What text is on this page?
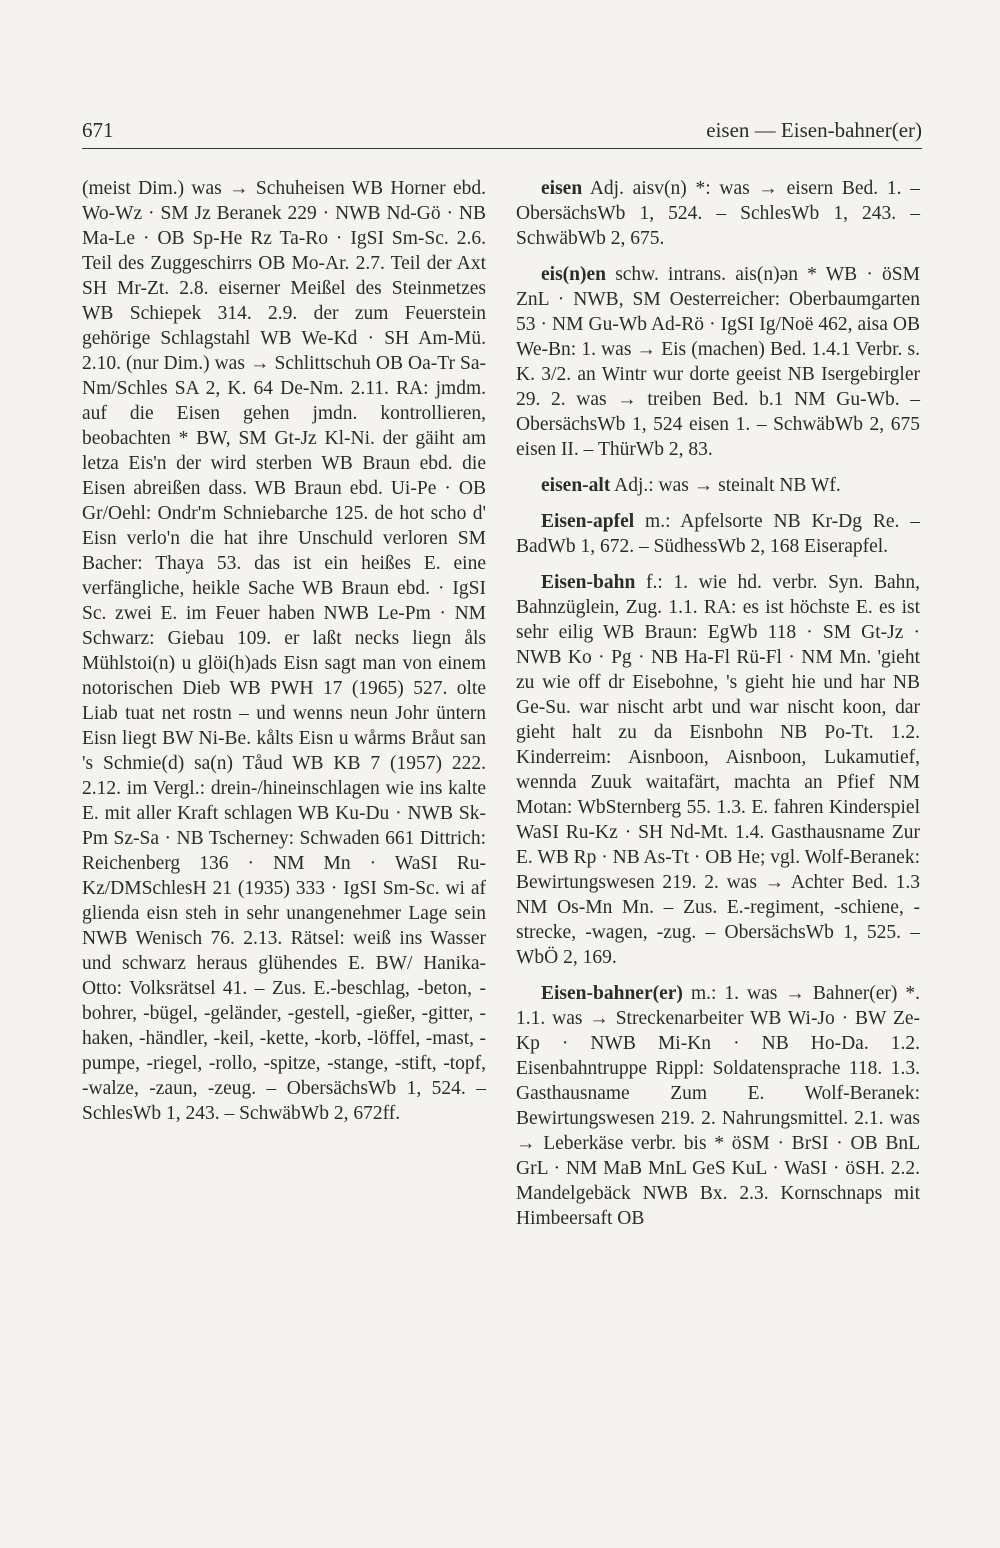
671	eisen — Eisen-bahner(er)

(meist Dim.) was → Schuheisen WB Horner ebd. Wo-Wz · SM Jz Beranek 229 · NWB Nd-Gö · NB Ma-Le · OB Sp-He Rz Ta-Ro · IgSI Sm-Sc. 2.6. Teil des Zuggeschirrs OB Mo-Ar. 2.7. Teil der Axt SH Mr-Zt. 2.8. eiserner Meißel des Steinmetzes WB Schiepek 314. 2.9. der zum Feuerstein gehörige Schlagstahl WB We-Kd · SH Am-Mü. 2.10. (nur Dim.) was → Schlittschuh OB Oa-Tr Sa-Nm/Schles SA 2, K. 64 De-Nm. 2.11. RA: jmdm. auf die Eisen gehen jmdn. kontrollieren, beobachten * BW, SM Gt-Jz Kl-Ni. der gäiht am letza Eis'n der wird sterben WB Braun ebd. die Eisen abreißen dass. WB Braun ebd. Ui-Pe · OB Gr/Oehl: Ondr'm Schniebarche 125. de hot scho d' Eisn verlo'n die hat ihre Unschuld verloren SM Bacher: Thaya 53. das ist ein heißes E. eine verfängliche, heikle Sache WB Braun ebd. · IgSI Sc. zwei E. im Feuer haben NWB Le-Pm · NM Schwarz: Giebau 109. er laßt necks liegn åls Mühlstoi(n) u glöi(h)ads Eisn sagt man von einem notorischen Dieb WB PWH 17 (1965) 527. olte Liab tuat net rostn – und wenns neun Johr üntern Eisn liegt BW Ni-Be. kålts Eisn u wårms Bråut san 's Schmie(d) sa(n) Tåud WB KB 7 (1957) 222. 2.12. im Vergl.: drein-/hineinschlagen wie ins kalte E. mit aller Kraft schlagen WB Ku-Du · NWB Sk-Pm Sz-Sa · NB Tscherney: Schwaden 661 Dittrich: Reichenberg 136 · NM Mn · WaSI Ru-Kz/DMSchlesH 21 (1935) 333 · IgSI Sm-Sc. wi af glienda eisn steh in sehr unangenehmer Lage sein NWB Wenisch 76. 2.13. Rätsel: weiß ins Wasser und schwarz heraus glühendes E. BW/ Hanika-Otto: Volksrätsel 41. – Zus. E.-beschlag, -beton, -bohrer, -bügel, -geländer, -gestell, -gießer, -gitter, -haken, -händler, -keil, -kette, -korb, -löffel, -mast, -pumpe, -riegel, -rollo, -spitze, -stange, -stift, -topf, -walze, -zaun, -zeug. – ObersächsWb 1, 524. – SchlesWb 1, 243. – SchwäbWb 2, 672ff.

eisen Adj. aisv(n) *: was → eisern Bed. 1. – ObersächsWb 1, 524. – SchlesWb 1, 243. – SchwäbWb 2, 675.

eis(n)en schw. intrans. ais(n)ən * WB · öSM ZnL · NWB, SM Oesterreicher: Oberbaumgarten 53 · NM Gu-Wb Ad-Rö · IgSI Ig/Noë 462, aisa OB We-Bn: 1. was → Eis (machen) Bed. 1.4.1 Verbr. s. K. 3/2. an Wintr wur dorte geeist NB Isergebirgler 29. 2. was → treiben Bed. b.1 NM Gu-Wb. – ObersächsWb 1, 524 eisen 1. – SchwäbWb 2, 675 eisen II. – ThürWb 2, 83.

eisen-alt Adj.: was → steinalt NB Wf.

Eisen-apfel m.: Apfelsorte NB Kr-Dg Re. – BadWb 1, 672. – SüdhessWb 2, 168 Eiserapfel.

Eisen-bahn f.: 1. wie hd. verbr. Syn. Bahn, Bahnzüglein, Zug. 1.1. RA: es ist höchste E. es ist sehr eilig WB Braun: EgWb 118 · SM Gt-Jz · NWB Ko · Pg · NB Ha-Fl Rü-Fl · NM Mn. 'gieht zu wie off dr Eisebohne, 's gieht hie und har NB Ge-Su. war nischt arbt und war nischt koon, dar gieht halt zu da Eisnbohn NB Po-Tt. 1.2. Kinderreim: Aisnboon, Aisnboon, Lukamutief, wennda Zuuk waitafärt, machta an Pfief NM Motan: WbSternberg 55. 1.3. E. fahren Kinderspiel WaSI Ru-Kz · SH Nd-Mt. 1.4. Gasthausname Zur E. WB Rp · NB As-Tt · OB He; vgl. Wolf-Beranek: Bewirtungswesen 219. 2. was → Achter Bed. 1.3 NM Os-Mn Mn. – Zus. E.-regiment, -schiene, -strecke, -wagen, -zug. – ObersächsWb 1, 525. – WbÖ 2, 169.

Eisen-bahner(er) m.: 1. was → Bahner(er) *. 1.1. was → Streckenarbeiter WB Wi-Jo · BW Ze-Kp · NWB Mi-Kn · NB Ho-Da. 1.2. Eisenbahntruppe Rippl: Soldatensprache 118. 1.3. Gasthausname Zum E. Wolf-Beranek: Bewirtungswesen 219. 2. Nahrungsmittel. 2.1. was → Leberkäse verbr. bis * öSM · BrSI · OB BnL GrL · NM MaB MnL GeS KuL · WaSI · öSH. 2.2. Mandelgebäck NWB Bx. 2.3. Kornschnaps mit Himbeersaft OB
